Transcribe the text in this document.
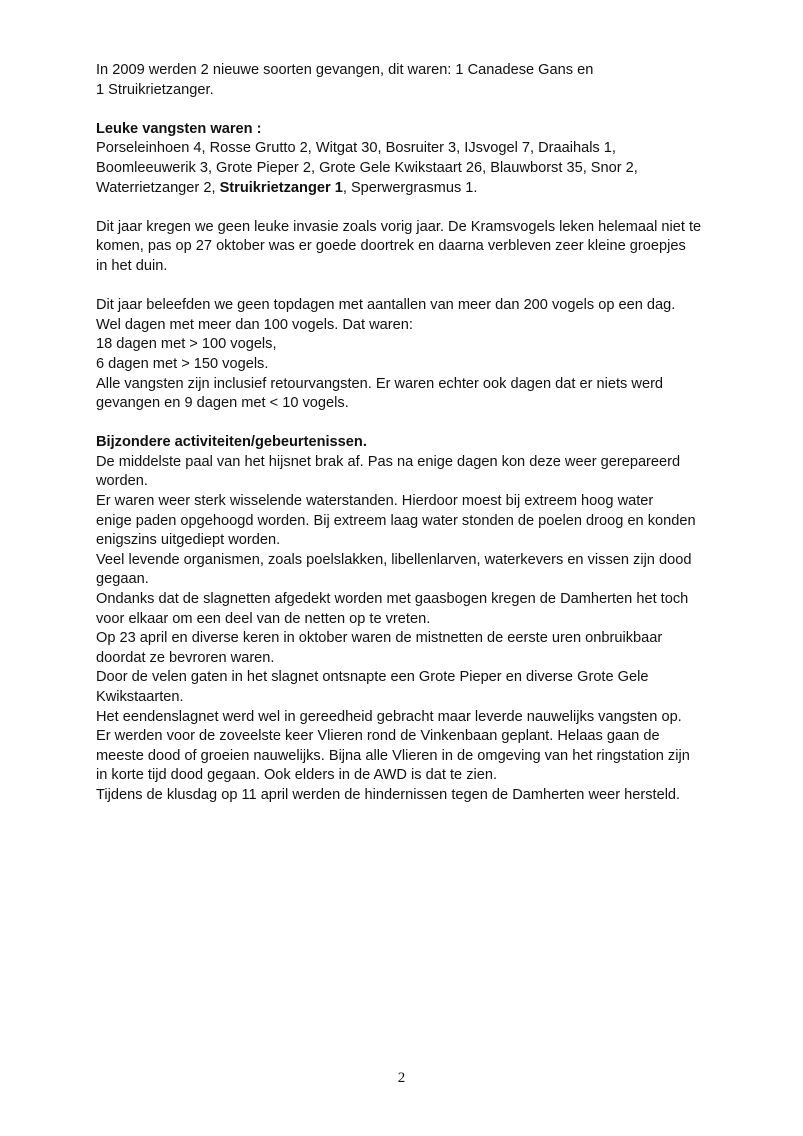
In 2009 werden 2 nieuwe soorten gevangen, dit waren: 1 Canadese Gans en
1 Struikrietzanger.

Leuke vangsten waren :
Porseleinhoen 4, Rosse Grutto 2, Witgat 30, Bosruiter 3, IJsvogel 7, Draaihals 1,
Boomleeuwerik 3, Grote Pieper 2, Grote Gele Kwikstaart 26, Blauwborst 35, Snor 2,
Waterrietzanger 2, Struikrietzanger 1, Sperwergrasmus 1.

Dit jaar kregen we geen leuke invasie zoals vorig jaar. De Kramsvogels leken helemaal niet te
komen, pas op 27 oktober was er goede doortrek en daarna verbleven zeer kleine groepjes
in het duin.

Dit jaar beleefden we geen topdagen met aantallen van meer dan 200 vogels op een dag.
Wel dagen met meer dan 100 vogels. Dat waren:
18 dagen met > 100 vogels,
6 dagen met > 150 vogels.
Alle vangsten zijn inclusief retourvangsten. Er waren echter ook dagen dat er niets werd
gevangen en 9 dagen met < 10 vogels.

Bijzondere activiteiten/gebeurtenissen.
De middelste paal van het hijsnet brak af. Pas na enige dagen kon deze weer gerepareerd
worden.
Er waren weer sterk wisselende waterstanden. Hierdoor moest bij extreem hoog water
enige paden opgehoogd worden. Bij extreem laag water stonden de poelen droog en konden
enigszins uitgediept worden.
Veel levende organismen, zoals poelslakken, libellenlarven, waterkevers en vissen zijn dood
gegaan.
Ondanks dat de slagnetten afgedekt worden met gaasbogen kregen de Damherten het toch
voor elkaar om een deel van de netten op te vreten.
Op 23 april en diverse keren in oktober waren de mistnetten de eerste uren onbruikbaar
doordat ze bevroren waren.
Door de velen gaten in het slagnet ontsnapte een Grote Pieper en diverse Grote Gele
Kwikstaarten.
Het eendenslagnet werd wel in gereedheid gebracht maar leverde nauwelijks vangsten op.
Er werden voor de zoveelste keer Vlieren rond de Vinkenbaan geplant. Helaas gaan de
meeste dood of groeien nauwelijks. Bijna alle Vlieren in de omgeving van het ringstation zijn
in korte tijd dood gegaan. Ook elders in de AWD is dat te zien.
Tijdens de klusdag op 11 april werden de hindernissen tegen de Damherten weer hersteld.

2
